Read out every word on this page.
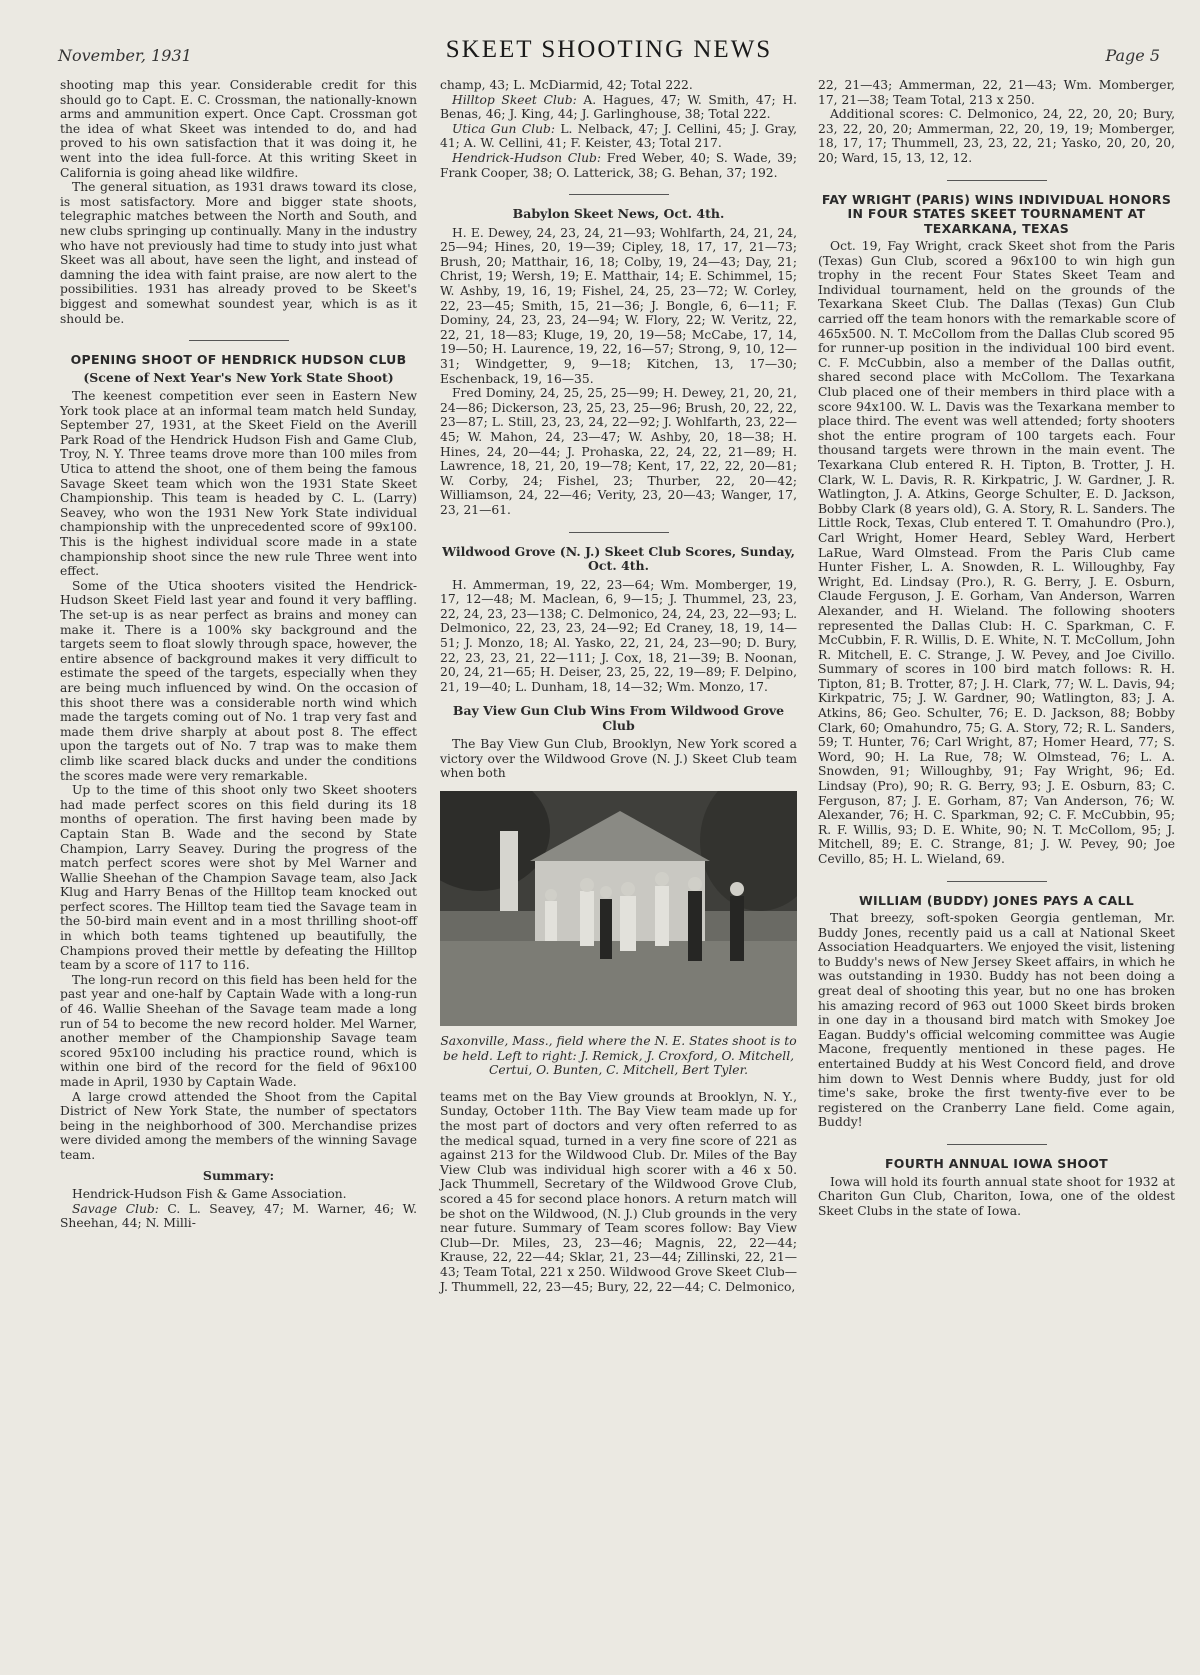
November, 1931	SKEET SHOOTING NEWS	Page 5

shooting map this year. Considerable credit for this should go to Capt. E. C. Crossman, the nationally-known arms and ammunition expert. Once Capt. Crossman got the idea of what Skeet was intended to do, and had proved to his own satisfaction that it was doing it, he went into the idea full-force. At this writing Skeet in California is going ahead like wildfire.

The general situation, as 1931 draws toward its close, is most satisfactory. More and bigger state shoots, telegraphic matches between the North and South, and new clubs springing up continually. Many in the industry who have not previously had time to study into just what Skeet was all about, have seen the light, and instead of damning the idea with faint praise, are now alert to the possibilities. 1931 has already proved to be Skeet's biggest and somewhat soundest year, which is as it should be.

OPENING SHOOT OF HENDRICK HUDSON CLUB
(Scene of Next Year's New York State Shoot)

The keenest competition ever seen in Eastern New York took place at an informal team match held Sunday, September 27, 1931, at the Skeet Field on the Averill Park Road of the Hendrick Hudson Fish and Game Club, Troy, N. Y. Three teams drove more than 100 miles from Utica to attend the shoot, one of them being the famous Savage Skeet team which won the 1931 State Skeet Championship. This team is headed by C. L. (Larry) Seavey, who won the 1931 New York State individual championship with the unprecedented score of 99x100. This is the highest individual score made in a state championship shoot since the new rule Three went into effect.

Some of the Utica shooters visited the Hendrick-Hudson Skeet Field last year and found it very baffling. The set-up is as near perfect as brains and money can make it. There is a 100% sky background and the targets seem to float slowly through space, however, the entire absence of background makes it very difficult to estimate the speed of the targets, especially when they are being much influenced by wind. On the occasion of this shoot there was a considerable north wind which made the targets coming out of No. 1 trap very fast and made them drive sharply at about post 8. The effect upon the targets out of No. 7 trap was to make them climb like scared black ducks and under the conditions the scores made were very remarkable.

Up to the time of this shoot only two Skeet shooters had made perfect scores on this field during its 18 months of operation. The first having been made by Captain Stan B. Wade and the second by State Champion, Larry Seavey. During the progress of the match perfect scores were shot by Mel Warner and Wallie Sheehan of the Champion Savage team, also Jack Klug and Harry Benas of the Hilltop team knocked out perfect scores. The Hilltop team tied the Savage team in the 50-bird main event and in a most thrilling shoot-off in which both teams tightened up beautifully, the Champions proved their mettle by defeating the Hilltop team by a score of 117 to 116.

The long-run record on this field has been held for the past year and one-half by Captain Wade with a long-run of 46. Wallie Sheehan of the Savage team made a long run of 54 to become the new record holder. Mel Warner, another member of the Championship Savage team scored 95x100 including his practice round, which is within one bird of the record for the field of 96x100 made in April, 1930 by Captain Wade.

A large crowd attended the Shoot from the Capital District of New York State, the number of spectators being in the neighborhood of 300. Merchandise prizes were divided among the members of the winning Savage team.

Summary:

Hendrick-Hudson Fish & Game Association.

Savage Club: C. L. Seavey, 47; M. Warner, 46; W. Sheehan, 44; N. Milli-

champ, 43; L. McDiarmid, 42; Total 222.

Hilltop Skeet Club: A. Hagues, 47; W. Smith, 47; H. Benas, 46; J. King, 44; J. Garlinghouse, 38; Total 222.

Utica Gun Club: L. Nelback, 47; J. Cellini, 45; J. Gray, 41; A. W. Cellini, 41; F. Keister, 43; Total 217.

Hendrick-Hudson Club: Fred Weber, 40; S. Wade, 39; Frank Cooper, 38; O. Latterick, 38; G. Behan, 37; 192.

Babylon Skeet News, Oct. 4th.

H. E. Dewey, 24, 23, 24, 21—93; Wohlfarth, 24, 21, 24, 25—94; Hines, 20, 19—39; Cipley, 18, 17, 17, 21—73; Brush, 20; Matthair, 16, 18; Colby, 19, 24—43; Day, 21; Christ, 19; Wersh, 19; E. Matthair, 14; E. Schimmel, 15; W. Ashby, 19, 16, 19; Fishel, 24, 25, 23—72; W. Corley, 22, 23—45; Smith, 15, 21—36; J. Bongle, 6, 6—11; F. Dominy, 24, 23, 23, 24—94; W. Flory, 22; W. Veritz, 22, 22, 21, 18—83; Kluge, 19, 20, 19—58; McCabe, 17, 14, 19—50; H. Laurence, 19, 22, 16—57; Strong, 9, 10, 12—31; Windgetter, 9, 9—18; Kitchen, 13, 17—30; Eschenback, 19, 16—35.

Fred Dominy, 24, 25, 25, 25—99; H. Dewey, 21, 20, 21, 24—86; Dickerson, 23, 25, 23, 25—96; Brush, 20, 22, 22, 23—87; L. Still, 23, 23, 24, 22—92; J. Wohlfarth, 23, 22—45; W. Mahon, 24, 23—47; W. Ashby, 20, 18—38; H. Hines, 24, 20—44; J. Prohaska, 22, 24, 22, 21—89; H. Lawrence, 18, 21, 20, 19—78; Kent, 17, 22, 22, 20—81; W. Corby, 24; Fishel, 23; Thurber, 22, 20—42; Williamson, 24, 22—46; Verity, 23, 20—43; Wanger, 17, 23, 21—61.

Wildwood Grove (N. J.) Skeet Club Scores, Sunday, Oct. 4th.

H. Ammerman, 19, 22, 23—64; Wm. Momberger, 19, 17, 12—48; M. Maclean, 6, 9—15; J. Thummel, 23, 23, 22, 24, 23, 23—138; C. Delmonico, 24, 24, 23, 22—93; L. Delmonico, 22, 23, 23, 24—92; Ed Craney, 18, 19, 14—51; J. Monzo, 18; Al. Yasko, 22, 21, 24, 23—90; D. Bury, 22, 23, 23, 21, 22—111; J. Cox, 18, 21—39; B. Noonan, 20, 24, 21—65; H. Deiser, 23, 25, 22, 19—89; F. Delpino, 21, 19—40; L. Dunham, 18, 14—32; Wm. Monzo, 17.

Bay View Gun Club Wins From Wildwood Grove Club

The Bay View Gun Club, Brooklyn, New York scored a victory over the Wildwood Grove (N. J.) Skeet Club team when both

Saxonville, Mass., field where the N. E. States shoot is to be held. Left to right: J. Remick, J. Croxford, O. Mitchell, Certui, O. Bunten, C. Mitchell, Bert Tyler.

teams met on the Bay View grounds at Brooklyn, N. Y., Sunday, October 11th. The Bay View team made up for the most part of doctors and very often referred to as the medical squad, turned in a very fine score of 221 as against 213 for the Wildwood Club. Dr. Miles of the Bay View Club was individual high scorer with a 46 x 50. Jack Thummell, Secretary of the Wildwood Grove Club, scored a 45 for second place honors. A return match will be shot on the Wildwood, (N. J.) Club grounds in the very near future. Summary of Team scores follow: Bay View Club—Dr. Miles, 23, 23—46; Magnis, 22, 22—44; Krause, 22, 22—44; Sklar, 21, 23—44; Zillinski, 22, 21—43; Team Total, 221 x 250. Wildwood Grove Skeet Club—J. Thummell, 22, 23—45; Bury, 22, 22—44; C. Delmonico,

22, 21—43; Ammerman, 22, 21—43; Wm. Momberger, 17, 21—38; Team Total, 213 x 250.

Additional scores: C. Delmonico, 24, 22, 20, 20; Bury, 23, 22, 20, 20; Ammerman, 22, 20, 19, 19; Momberger, 18, 17, 17; Thummell, 23, 23, 22, 21; Yasko, 20, 20, 20, 20; Ward, 15, 13, 12, 12.

FAY WRIGHT (PARIS) WINS INDIVIDUAL HONORS IN FOUR STATES SKEET TOURNAMENT AT TEXARKANA, TEXAS

Oct. 19, Fay Wright, crack Skeet shot from the Paris (Texas) Gun Club, scored a 96x100 to win high gun trophy in the recent Four States Skeet Team and Individual tournament, held on the grounds of the Texarkana Skeet Club. The Dallas (Texas) Gun Club carried off the team honors with the remarkable score of 465x500. N. T. McCollom from the Dallas Club scored 95 for runner-up position in the individual 100 bird event. C. F. McCubbin, also a member of the Dallas outfit, shared second place with McCollom. The Texarkana Club placed one of their members in third place with a score 94x100. W. L. Davis was the Texarkana member to place third. The event was well attended; forty shooters shot the entire program of 100 targets each. Four thousand targets were thrown in the main event. The Texarkana Club entered R. H. Tipton, B. Trotter, J. H. Clark, W. L. Davis, R. R. Kirkpatric, J. W. Gardner, J. R. Watlington, J. A. Atkins, George Schulter, E. D. Jackson, Bobby Clark (8 years old), G. A. Story, R. L. Sanders. The Little Rock, Texas, Club entered T. T. Omahundro (Pro.), Carl Wright, Homer Heard, Sebley Ward, Herbert LaRue, Ward Olmstead. From the Paris Club came Hunter Fisher, L. A. Snowden, R. L. Willoughby, Fay Wright, Ed. Lindsay (Pro.), R. G. Berry, J. E. Osburn, Claude Ferguson, J. E. Gorham, Van Anderson, Warren Alexander, and H. Wieland. The following shooters represented the Dallas Club: H. C. Sparkman, C. F. McCubbin, F. R. Willis, D. E. White, N. T. McCollum, John R. Mitchell, E. C. Strange, J. W. Pevey, and Joe Civillo. Summary of scores in 100 bird match follows: R. H. Tipton, 81; B. Trotter, 87; J. H. Clark, 77; W. L. Davis, 94; Kirkpatric, 75; J. W. Gardner, 90; Watlington, 83; J. A. Atkins, 86; Geo. Schulter, 76; E. D. Jackson, 88; Bobby Clark, 60; Omahundro, 75; G. A. Story, 72; R. L. Sanders, 59; T. Hunter, 76; Carl Wright, 87; Homer Heard, 77; S. Word, 90; H. La Rue, 78; W. Olmstead, 76; L. A. Snowden, 91; Willoughby, 91; Fay Wright, 96; Ed. Lindsay (Pro), 90; R. G. Berry, 93; J. E. Osburn, 83; C. Ferguson, 87; J. E. Gorham, 87; Van Anderson, 76; W. Alexander, 76; H. C. Sparkman, 92; C. F. McCubbin, 95; R. F. Willis, 93; D. E. White, 90; N. T. McCollom, 95; J. Mitchell, 89; E. C. Strange, 81; J. W. Pevey, 90; Joe Cevillo, 85; H. L. Wieland, 69.

WILLIAM (BUDDY) JONES PAYS A CALL

That breezy, soft-spoken Georgia gentleman, Mr. Buddy Jones, recently paid us a call at National Skeet Association Headquarters. We enjoyed the visit, listening to Buddy's news of New Jersey Skeet affairs, in which he was outstanding in 1930. Buddy has not been doing a great deal of shooting this year, but no one has broken his amazing record of 963 out 1000 Skeet birds broken in one day in a thousand bird match with Smokey Joe Eagan. Buddy's official welcoming committee was Augie Macone, frequently mentioned in these pages. He entertained Buddy at his West Concord field, and drove him down to West Dennis where Buddy, just for old time's sake, broke the first twenty-five ever to be registered on the Cranberry Lane field. Come again, Buddy!

FOURTH ANNUAL IOWA SHOOT

Iowa will hold its fourth annual state shoot for 1932 at Chariton Gun Club, Chariton, Iowa, one of the oldest Skeet Clubs in the state of Iowa.
